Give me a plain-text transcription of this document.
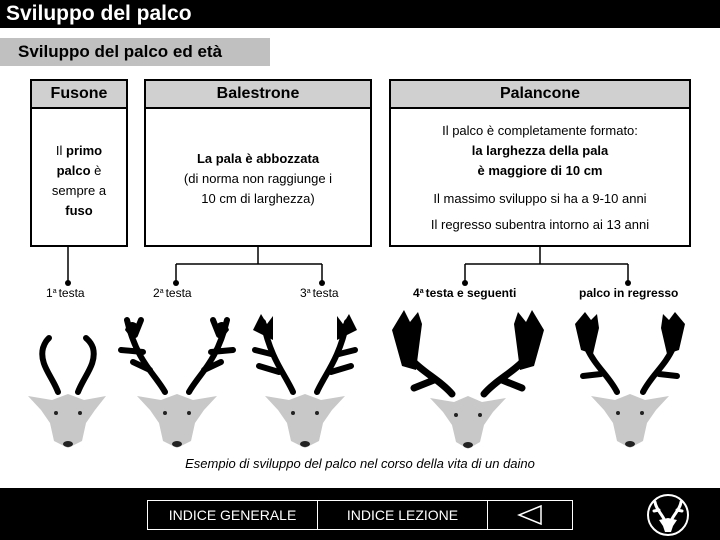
Sviluppo del palco
Sviluppo del palco ed età
Fusone

Il primo

palco è

sempre a

fuso

Balestrone

La pala è abbozzata

(di norma non raggiunge i

10 cm di larghezza)

Palancone

Il palco è completamente formato:

la larghezza della pala

è maggiore di 10 cm

Il massimo sviluppo si ha a 9-10 anni

Il regresso subentra intorno ai 13 anni

1$^a$ testa	2$^a$ testa	3$^a$ testa	4$^a$ testa e seguenti	palco in regresso
Esempio di sviluppo del palco nel corso della vita di un daino
INDICE GENERALE	INDICE LEZIONE
